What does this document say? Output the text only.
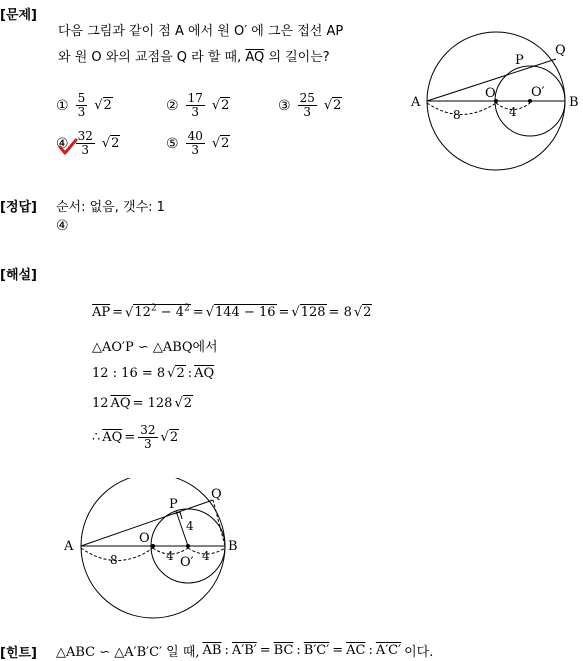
[문제]
다음 그림과 같이 점 A 에서 원 O′ 에 그은 접선 AP
와 원 O 와의 교점을 Q 라 할 때, $\overline{AQ}$ 의 길이는?
① $\frac{5}{3} √2$	② $\frac{17}{3} √2$	③ $\frac{25}{3} √2$
④ $\frac{32}{3} √2$	⑤ $\frac{40}{3} √2$
A	B
O	O′
P
Q
8	4
[정답] 순서: 없음, 갯수: 1
④
[해설]
$\overline{AP} = √12^2 - 4^2 = √144 - 16 = √128 = 8$ √2
△AO′P ∽ △ABQ에서
12 : 16 = 8 √2 : $\overline{AQ}$
12 $\overline{AQ} = 128$ √2
∴ $\overline{AQ} = \frac{32}{3} √2$
A	B
O
O′
P
Q
8
4
4 4
[힌트] △ABC ∽ △A′B′C′ 일 때, $\overline{AB}$ : $A'B' = \overline{BC}$ : $B'C' = \overline{AC}$ : A′C′ 이다.
